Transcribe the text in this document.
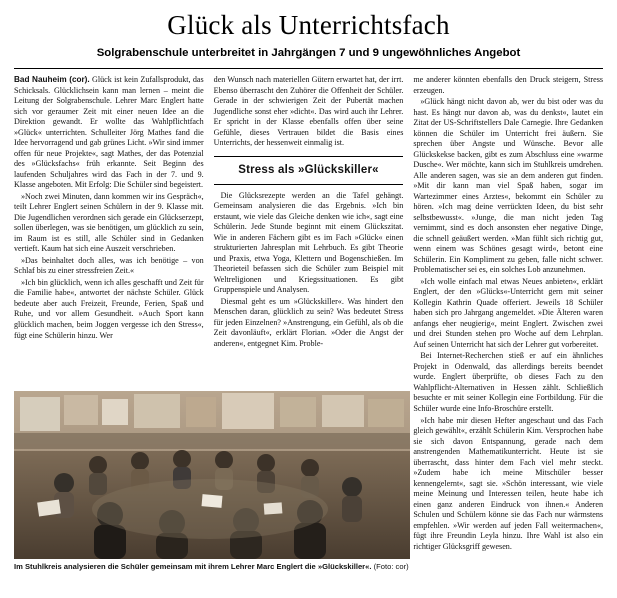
Glück als Unterrichtsfach
Solgrabenschule unterbreitet in Jahrgängen 7 und 9 ungewöhnliches Angebot

Bad Nauheim (cor). Glück ist kein Zufallsprodukt, das Schicksals. Glücklichsein kann man lernen – meint die Leitung der Solgrabenschule. Lehrer Marc Englert hatte sich vor geraumer Zeit mit einer neuen Idee an die Direktion gewandt. Er wollte das Wahlpflichtfach »Glück« unterrichten. Schulleiter Jörg Mathes fand die Idee hervorragend und gab grünes Licht. »Wir sind immer offen für neue Projekte«, sagt Mathes, der das Potenzial des »Glücksfachs« früh erkannte. Seit Beginn des laufenden Schuljahres wird das Fach in der 7. und 9. Klasse angeboten. Mit Erfolg: Die Schüler sind begeistert.

»Noch zwei Minuten, dann kommen wir ins Gespräch«, teilt Lehrer Englert seinen Schülern in der 9. Klasse mit. Die Jugendlichen verordnen sich gerade ein Glückserzept, sollen überlegen, was sie benötigen, um glücklich zu sein, im Raum ist es still, alle Schüler sind in Gedanken vertieft. Kaum hat sich eine Auszeit verschrieben.

»Das beinhaltet doch alles, was ich benötige – von Schlaf bis zu einer stressfreien Zeit.«

»Ich bin glücklich, wenn ich alles geschafft und Zeit für die Familie habe«, antwortet der nächste Schüler. Glück bedeute aber auch Freizeit, Freunde, Ferien, Spaß und Ruhe, und vor allem Gesundheit. »Auch Sport kann glücklich machen, beim Joggen vergesse ich den Stress«, fügt eine Schülerin hinzu. Wer

den Wunsch nach materiellen Gütern erwartet hat, der irrt. Ebenso überrascht den Zuhörer die Offenheit der Schüler. Gerade in der schwierigen Zeit der Pubertät machen Jugendliche sonst eher »dicht«. Das wird auch ihr Lehrer. Er spricht in der Klasse ebenfalls offen über seine Gefühle, dieses Vertrauen bildet die Basis eines Unterrichts, der hessenweit einmalig ist.

Stress als »Glückskiller«

Die Glücksrezepte werden an die Tafel gehängt. Gemeinsam analysieren die das Ergebnis. »Ich bin erstaunt, wie viele das Gleiche denken wie ich«, sagt eine Schülerin. Jede Stunde beginnt mit einem Glückszitat. Wie in anderen Fächern gibt es im Fach »Glück« einen strukturierten Jahresplan mit Lehrbuch. Es gibt Theorie und Praxis, etwa Yoga, Klettern und Bogenschießen. Im Theorieteil befassen sich die Schüler zum Beispiel mit Weltreligionen und Kriegssituationen. Es gibt Gruppenspiele und Analysen.

Diesmal geht es um »Glückskiller«. Was hindert den Menschen daran, glücklich zu sein? Was bedeutet Stress für jeden Einzelnen? »Anstrengung, ein Gefühl, als ob die Zeit davonläuft«, erklärt Florian. »Oder die Angst der anderen«, entgegnet Kim. Proble-

me anderer könnten ebenfalls den Druck steigern, Stress erzeugen.

»Glück hängt nicht davon ab, wer du bist oder was du hast. Es hängt nur davon ab, was du denkst«, lautet ein Zitat der US-Schriftstellers Dale Carnegie. Ihre Gedanken können die Schüler im Unterricht frei äußern. Sie sprechen über Angste und Wünsche. Bevor alle Glückskekse backen, gibt es zum Abschluss eine »warme Dusche«. Wer möchte, kann sich im Stuhlkreis umdrehen. Alle anderen sagen, was sie an dem anderen gut finden. »Mit dir kann man viel Spaß haben, sogar im Wartezimmer eines Arztes«, bekommt ein Schüler zu hören. »Ich mag deine verrückten Ideen, du bist sehr selbstbewusst«. »Junge, die man nicht jeden Tag vernimmt, sind es doch ansonsten eher negative Dinge, die schnell geäußert werden. »Man fühlt sich richtig gut, wenn einem was Schönes gesagt wird«, betont eine Schülerin. Ein Kompliment zu geben, falle nicht schwer. Problematischer sei es, ein solches Lob anzunehmen.

»Ich wolle einfach mal etwas Neues anbieten«, erklärt Englert, der den »Glücks«-Unterricht gern mit seiner Kollegin Kathrin Quade offeriert. Jeweils 18 Schüler haben sich pro Jahrgang angemeldet. »Die Älteren waren anfangs eher neugierig«, meint Englert. Zwischen zwei und drei Stunden stehen pro Woche auf dem Lehrplan. Auf seinen Unterricht hat sich der Lehrer gut vorbereitet.

Bei Internet-Recherchen stieß er auf ein ähnliches Projekt in Odenwald, das allerdings bereits beendet wurde. Englert überprüfte, ob dieses Fach zu den Wahlpflicht-Alternativen in Hessen zählt. Schließlich besuchte er mit seiner Kollegin eine Fortbildung. Für die Schüler wurde eine Info-Broschüre erstellt.

»Ich habe mir diesen Hefter angeschaut und das Fach gleich gewählt«, erzählt Schülerin Kim. Versprochen habe sie sich davon Entspannung, gerade nach dem anstrengenden Mathematikunterricht. Heute ist sie überrascht, dass hinter dem Fach viel mehr steckt. »Zudem habe ich meine Mitschüler besser kennengelernt«, sagt sie. »Schön interessant, wie viele meine Meinung und Interessen teilen, heute habe ich einen ganz anderen Eindruck von ihnen.« Anderen Schulen und Schülern könne sie das Fach nur wärmstens empfehlen. »Wir werden auf jeden Fall weitermachen«, fügt ihre Freundin Leyla hinzu. Ihre Wahl ist also ein richtiger Glücksgriff gewesen.

Im Stuhlkreis analysieren die Schüler gemeinsam mit ihrem Lehrer Marc Englert die »Glückskiller«. (Foto: cor)
